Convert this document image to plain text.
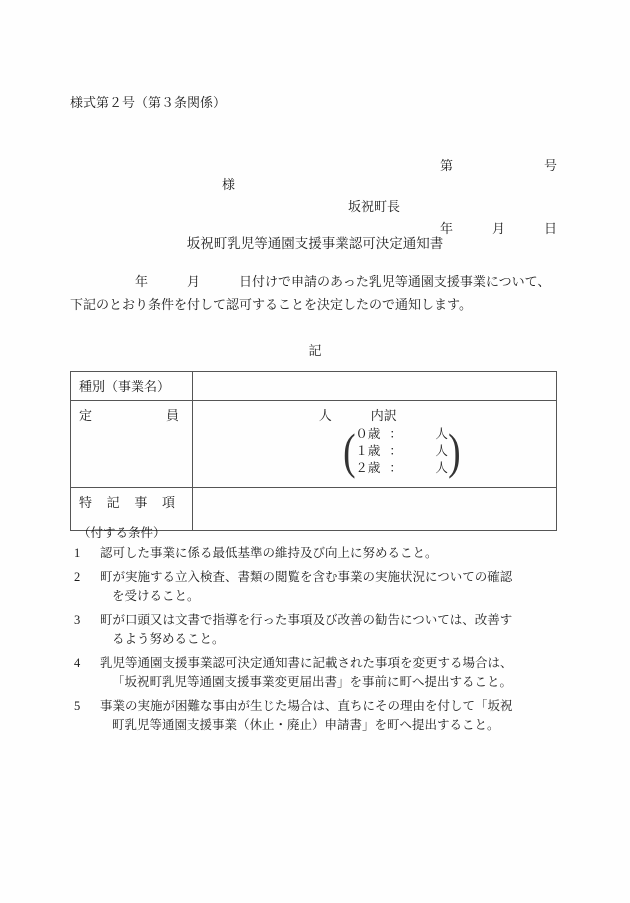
様式第２号（第３条関係）

第　　　　　　　号

年　　　月　　　日

様
坂祝町長
坂祝町乳児等通園支援事業認可決定通知書
　　　　　年　　　月　　　日付けで申請のあった乳児等通園支援事業について、
下記のとおり条件を付して認可することを決定したので通知します。
記
種別（事業名）	

定員	人　　　内訳
( ０歳 ：	人
１歳 ：	人
２歳 ：	人 )

特記事項	

（付する条件）
1	認可した事業に係る最低基準の維持及び向上に努めること。
2	町が実施する立入検査、書類の閲覧を含む事業の実施状況についての確認
を受けること。
3	町が口頭又は文書で指導を行った事項及び改善の勧告については、改善す
るよう努めること。
4	乳児等通園支援事業認可決定通知書に記載された事項を変更する場合は、
「坂祝町乳児等通園支援事業変更届出書」を事前に町へ提出すること。
5	事業の実施が困難な事由が生じた場合は、直ちにその理由を付して「坂祝
町乳児等通園支援事業（休止・廃止）申請書」を町へ提出すること。
